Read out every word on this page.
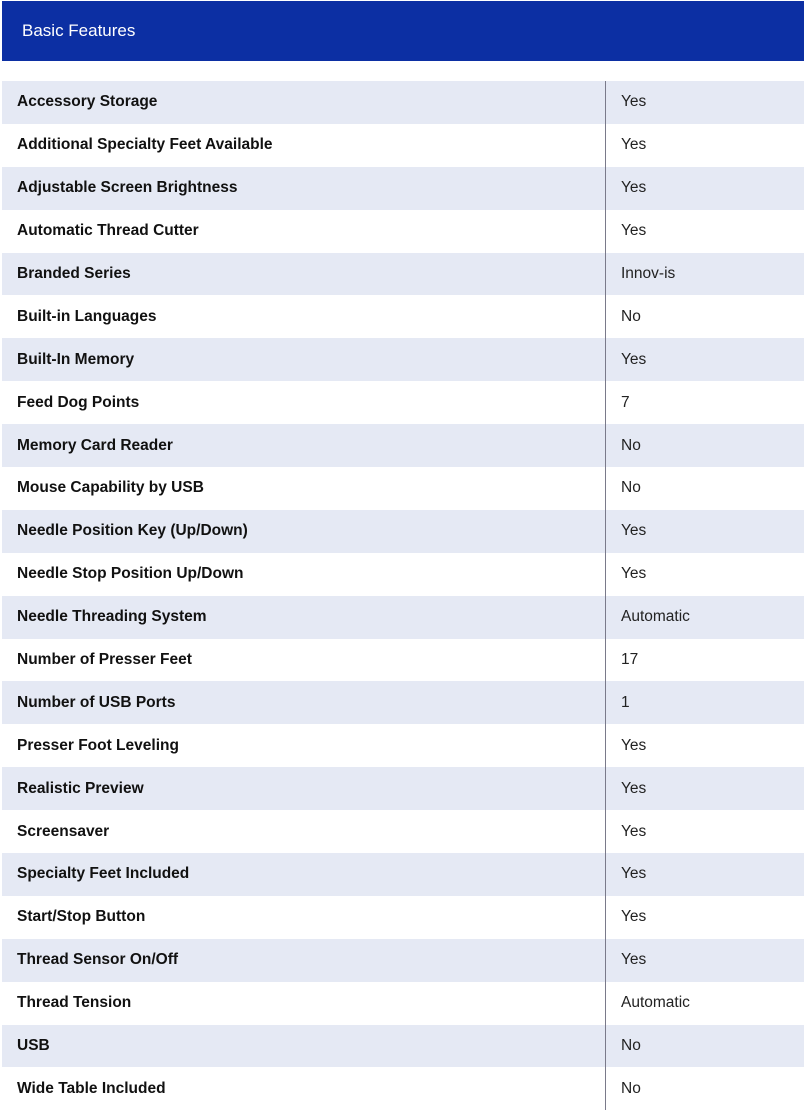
Basic Features
Accessory Storage	Yes
Additional Specialty Feet Available	Yes
Adjustable Screen Brightness	Yes
Automatic Thread Cutter	Yes
Branded Series	Innov-is
Built-in Languages	No
Built-In Memory	Yes
Feed Dog Points	7
Memory Card Reader	No
Mouse Capability by USB	No
Needle Position Key (Up/Down)	Yes
Needle Stop Position Up/Down	Yes
Needle Threading System	Automatic
Number of Presser Feet	17
Number of USB Ports	1
Presser Foot Leveling	Yes
Realistic Preview	Yes
Screensaver	Yes
Specialty Feet Included	Yes
Start/Stop Button	Yes
Thread Sensor On/Off	Yes
Thread Tension	Automatic
USB	No
Wide Table Included	No
